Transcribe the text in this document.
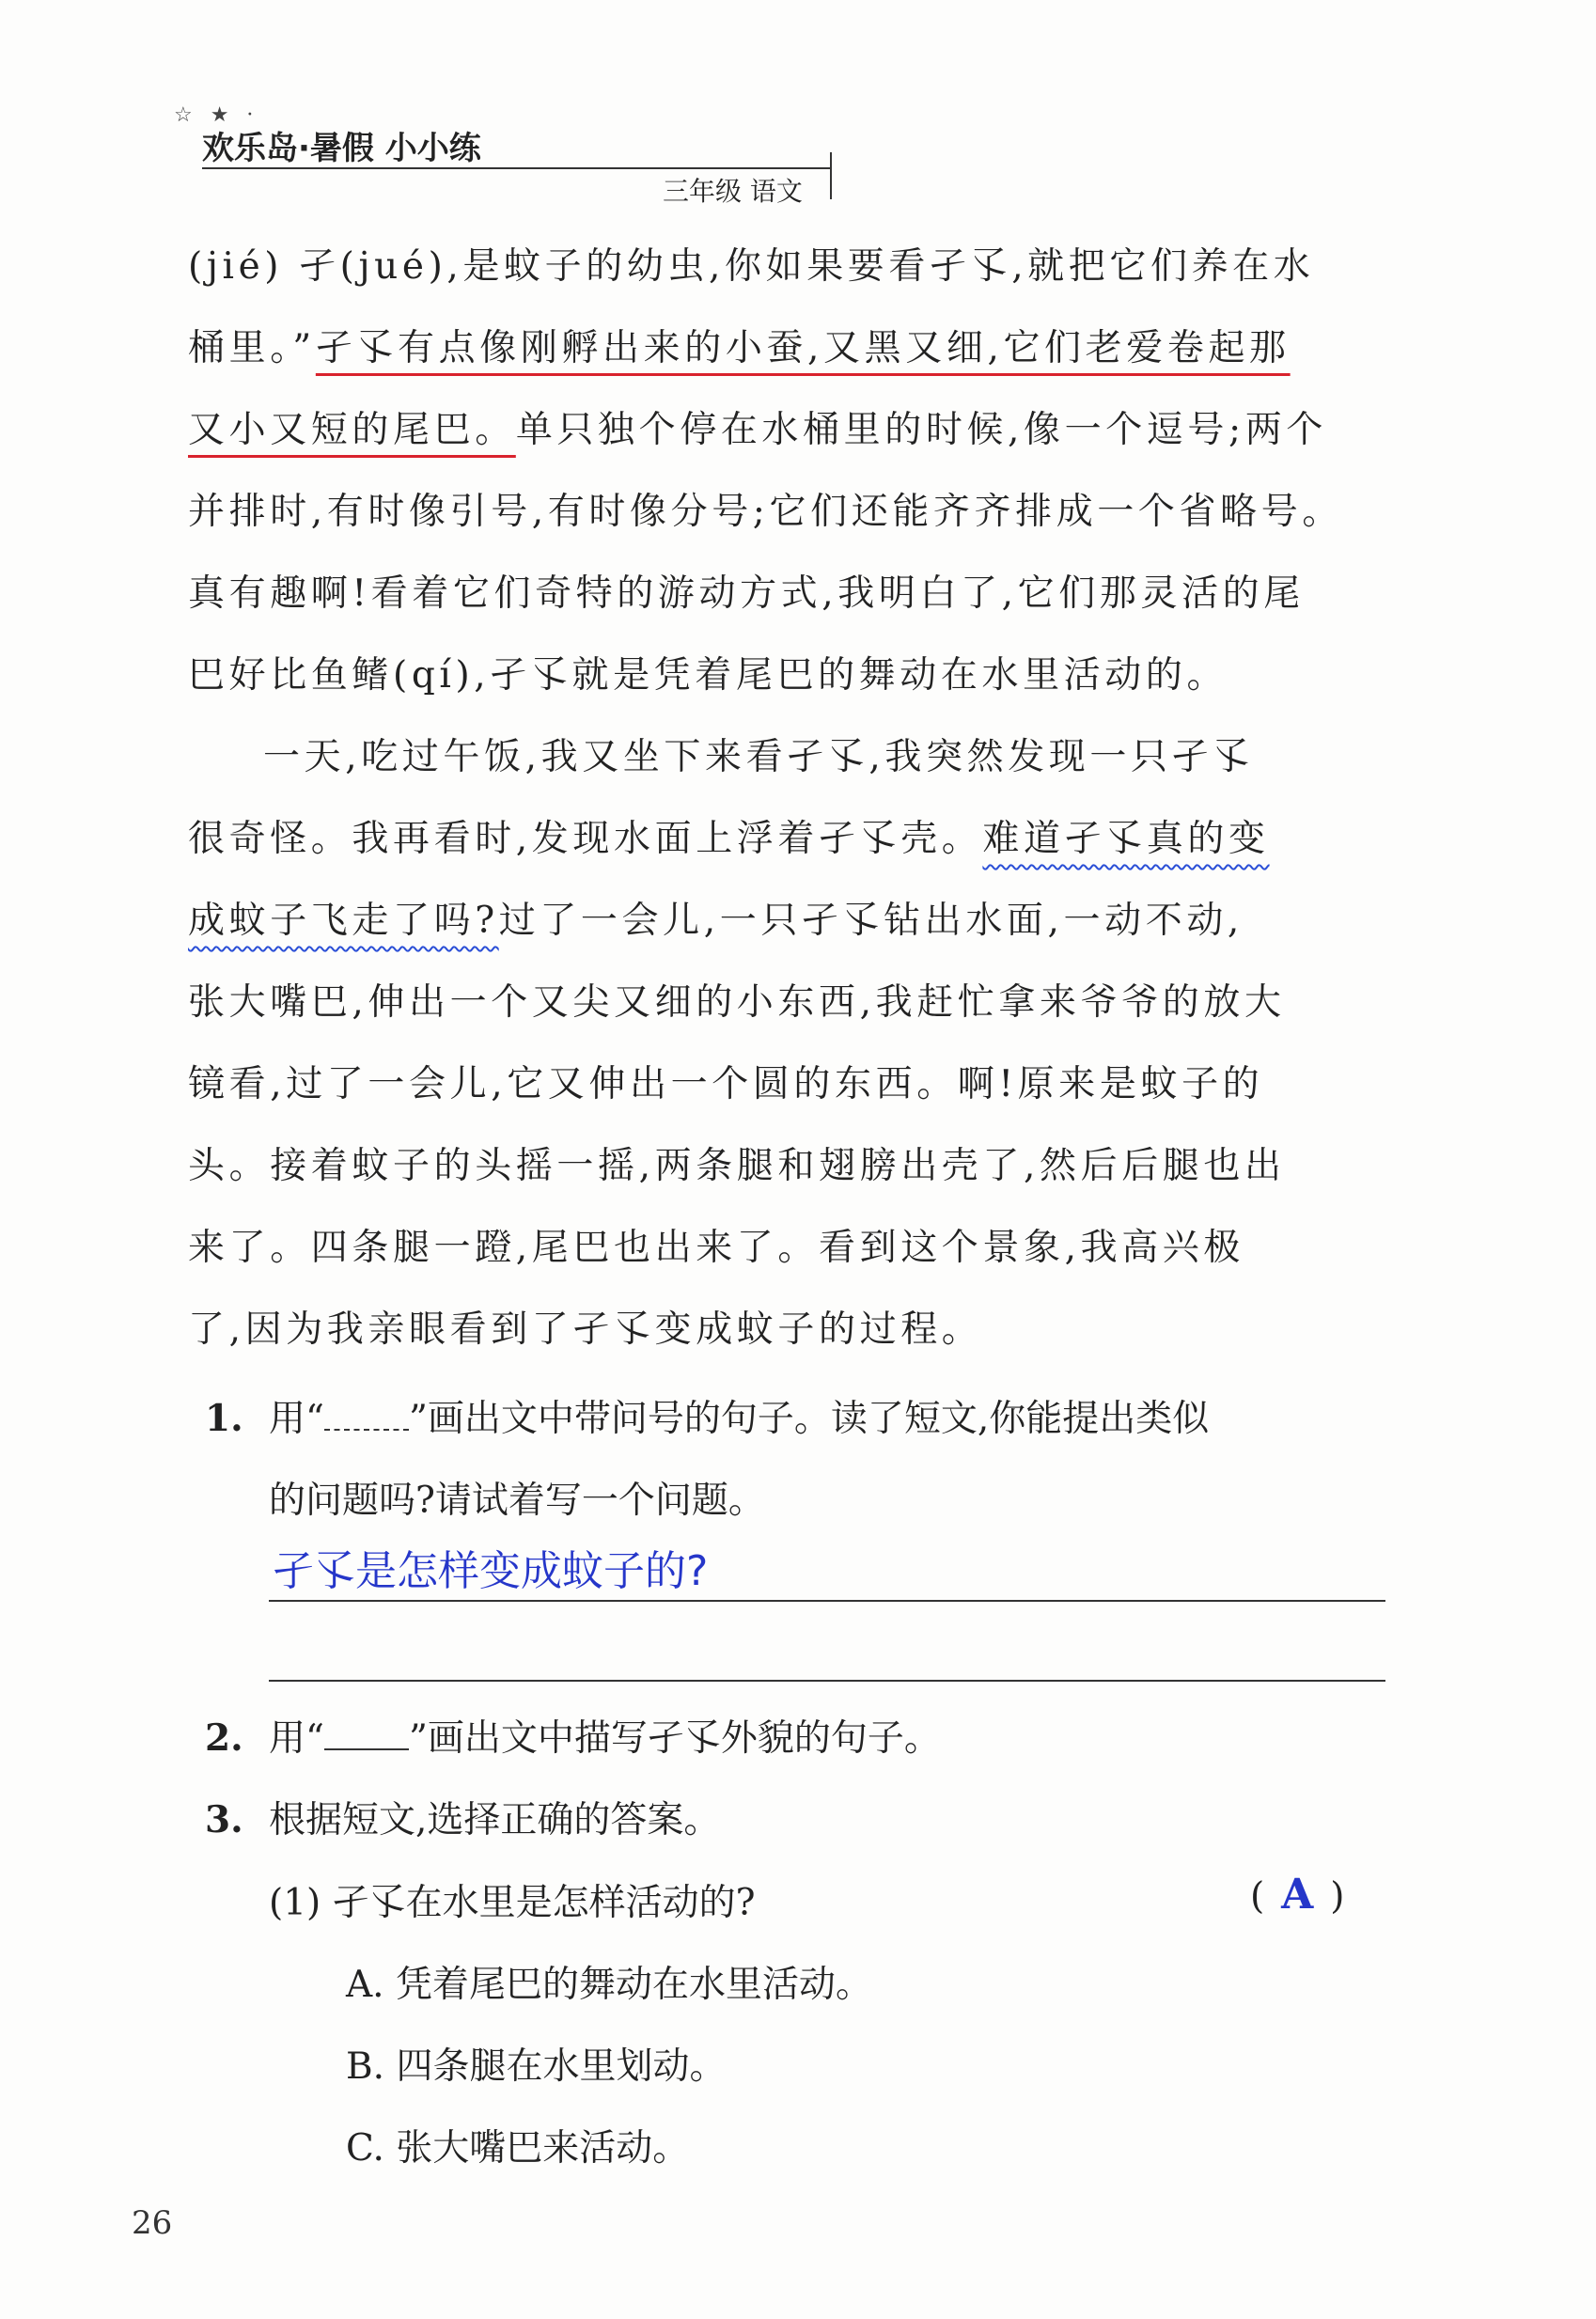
☆ ★ ·
欢乐岛·暑假 小小练
三年级 语文
(jié) 孑(jué),是蚊子的幼虫,你如果要看孑孓,就把它们养在水
桶里。”孑孓有点像刚孵出来的小蚕,又黑又细,它们老爱卷起那
又小又短的尾巴。单只独个停在水桶里的时候,像一个逗号;两个
并排时,有时像引号,有时像分号;它们还能齐齐排成一个省略号。
真有趣啊!看着它们奇特的游动方式,我明白了,它们那灵活的尾
巴好比鱼鳍(qí),孑孓就是凭着尾巴的舞动在水里活动的。
一天,吃过午饭,我又坐下来看孑孓,我突然发现一只孑孓
很奇怪。我再看时,发现水面上浮着孑孓壳。难道孑孓真的变
成蚊子飞走了吗?过了一会儿,一只孑孓钻出水面,一动不动,
张大嘴巴,伸出一个又尖又细的小东西,我赶忙拿来爷爷的放大
镜看,过了一会儿,它又伸出一个圆的东西。啊!原来是蚊子的
头。接着蚊子的头摇一摇,两条腿和翅膀出壳了,然后后腿也出
来了。四条腿一蹬,尾巴也出来了。看到这个景象,我高兴极
了,因为我亲眼看到了孑孓变成蚊子的过程。
1. 用“ ”画出文中带问号的句子。读了短文,你能提出类似
的问题吗?请试着写一个问题。
孑孓是怎样变成蚊子的?
2. 用“ ”画出文中描写孑孓外貌的句子。
3. 根据短文,选择正确的答案。
(1) 孑孓在水里是怎样活动的?	( A )
A. 凭着尾巴的舞动在水里活动。
B. 四条腿在水里划动。
C. 张大嘴巴来活动。
26
